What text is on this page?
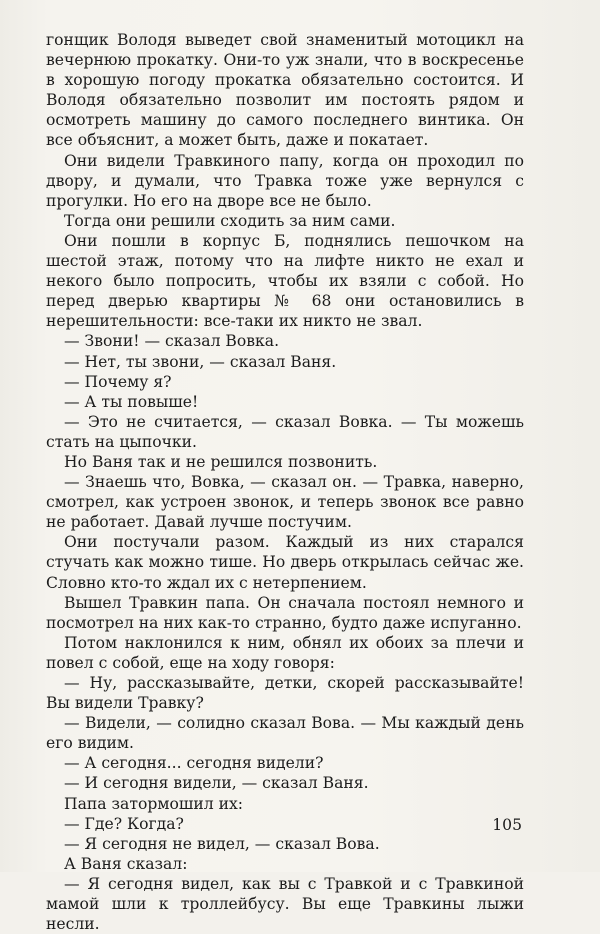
гонщик Володя выведет свой знаменитый мотоцикл на вечернюю прокатку. Они-то уж знали, что в воскресенье в хорошую погоду прокатка обязательно состоится. И Володя обязательно позволит им постоять рядом и осмотреть машину до самого последнего винтика. Он все объяснит, а может быть, даже и покатает.

Они видели Травкиного папу, когда он проходил по двору, и думали, что Травка тоже уже вернулся с прогулки. Но его на дворе все не было.

Тогда они решили сходить за ним сами.

Они пошли в корпус Б, поднялись пешочком на шестой этаж, потому что на лифте никто не ехал и некого было попросить, чтобы их взяли с собой. Но перед дверью квартиры № 68 они остановились в нерешительности: все-таки их никто не звал.

— Звони! — сказал Вовка.

— Нет, ты звони, — сказал Ваня.

— Почему я?

— А ты повыше!

— Это не считается, — сказал Вовка. — Ты можешь стать на цыпочки.

Но Ваня так и не решился позвонить.

— Знаешь что, Вовка, — сказал он. — Травка, наверно, смотрел, как устроен звонок, и теперь звонок все равно не работает. Давай лучше постучим.

Они постучали разом. Каждый из них старался стучать как можно тише. Но дверь открылась сейчас же. Словно кто-то ждал их с нетерпением.

Вышел Травкин папа. Он сначала постоял немного и посмотрел на них как-то странно, будто даже испуганно.

Потом наклонился к ним, обнял их обоих за плечи и повел с собой, еще на ходу говоря:

— Ну, рассказывайте, детки, скорей рассказывайте! Вы видели Травку?

— Видели, — солидно сказал Вова. — Мы каждый день его видим.

— А сегодня... сегодня видели?

— И сегодня видели, — сказал Ваня.

Папа затормошил их:

— Где? Когда?

— Я сегодня не видел, — сказал Вова.

А Ваня сказал:

— Я сегодня видел, как вы с Травкой и с Травкиной мамой шли к троллейбусу. Вы еще Травкины лыжи несли.

105
